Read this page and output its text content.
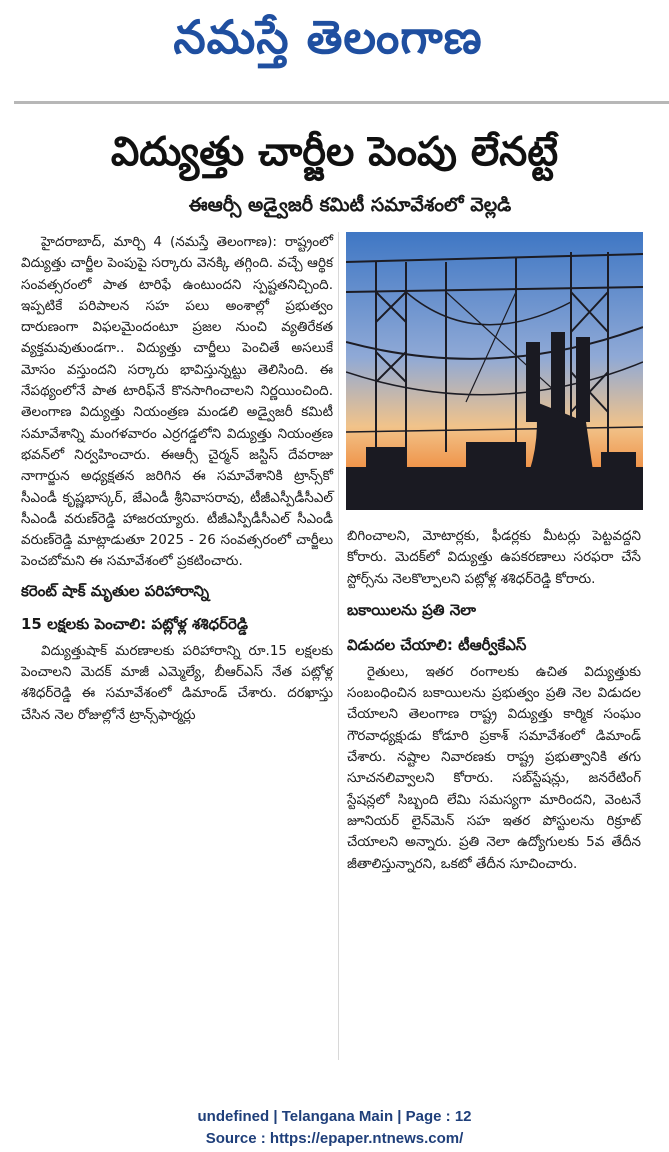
నమస్తే తెలంగాణ
విద్యుత్తు చార్జీల పెంపు లేనట్టే
ఈఆర్సీ అడ్వైజరీ కమిటీ సమావేశంలో వెల్లడి

హైదరాబాద్, మార్చి 4 (నమస్తే తెలంగాణ): రాష్ట్రంలో విద్యుత్తు చార్జీల పెంపుపై సర్కారు వెనక్కి తగ్గింది. వచ్చే ఆర్థిక సంవత్సరంలో పాత టారిఫే ఉంటుందని స్పష్టతనిచ్చింది. ఇప్పటికే పరిపాలన సహ పలు అంశాల్లో ప్రభుత్వం దారుణంగా విఫలమైందంటూ ప్రజల నుంచి వ్యతిరేకత వ్యక్తమవుతుండగా.. విద్యుత్తు చార్జీలు పెంచితే అసలుకే మోసం వస్తుందని సర్కారు భావిస్తున్నట్టు తెలిసింది. ఈ నేపథ్యంలోనే పాత టారిఫ్‌నే కొనసాగించాలని నిర్ణయించింది. తెలంగాణ విద్యుత్తు నియంత్రణ మండలి అడ్వైజరీ కమిటీ సమావేశాన్ని మంగళవారం ఎర్రగడ్డలోని విద్యుత్తు నియంత్రణ భవన్‌లో నిర్వహించారు. ఈఆర్సీ చైర్మన్ జస్టిస్ దేవరాజు నాగార్జున అధ్యక్షతన జరిగిన ఈ సమావేశానికి ట్రాన్స్‌కో సీఎండీ కృష్ణభాస్కర్, జేఎండీ శ్రీనివాసరావు, టీజీఎస్పీడీసీఎల్ సీఎండీ వరుణ్‌రెడ్డి హాజరయ్యారు. టీజీఎస్పీడీసీఎల్ సీఎండీ వరుణ్‌రెడ్డి మాట్లాడుతూ 2025 - 26 సంవత్సరంలో చార్జీలు పెంచబోమని ఈ సమావేశంలో ప్రకటించారు.

కరెంట్ షాక్ మృతుల పరిహారాన్ని

15 లక్షలకు పెంచాలి: పట్లోళ్ల శశిధర్‌రెడ్డి

విద్యుత్తుషాక్ మరణాలకు పరిహారాన్ని రూ.15 లక్షలకు పెంచాలని మెదక్ మాజీ ఎమ్మెల్యే, బీఆర్‌ఎస్ నేత పట్లోళ్ల శశిధర్‌రెడ్డి ఈ సమావేశంలో డిమాండ్ చేశారు. దరఖాస్తు చేసిన నెల రోజుల్లోనే ట్రాన్స్‌ఫార్మర్లు

బిగించాలని, మోటార్లకు, ఫీడర్లకు మీటర్లు పెట్టవద్దని కోరారు. మెదక్‌లో విద్యుత్తు ఉపకరణాలు సరఫరా చేసే స్టోర్స్‌ను నెలకొల్పాలని పట్లోళ్ల శశిధర్‌రెడ్డి కోరారు.

బకాయిలను ప్రతి నెలా

విడుదల చేయాలి: టీఆర్వీకేఎస్

రైతులు, ఇతర రంగాలకు ఉచిత విద్యుత్తుకు సంబంధించిన బకాయిలను ప్రభుత్వం ప్రతి నెల విడుదల చేయాలని తెలంగాణ రాష్ట్ర విద్యుత్తు కార్మిక సంఘం గౌరవాధ్యక్షుడు కోడూరి ప్రకాశ్ సమావేశంలో డిమాండ్ చేశారు. నష్టాల నివారణకు రాష్ట్ర ప్రభుత్వానికి తగు సూచనలివ్వాలని కోరారు. సబ్‌స్టేషన్లు, జనరేటింగ్ స్టేషన్లలో సిబ్బంది లేమి సమస్యగా మారిందని, వెంటనే జూనియర్ లైన్‌మెన్ సహ ఇతర పోస్టులను రిక్రూట్ చేయాలని అన్నారు. ప్రతి నెలా ఉద్యోగులకు 5వ తేదీన జీతాలిస్తున్నారని, ఒకటో తేదీన సూచించారు.

undefined | Telangana Main | Page : 12
Source : https://epaper.ntnews.com/
